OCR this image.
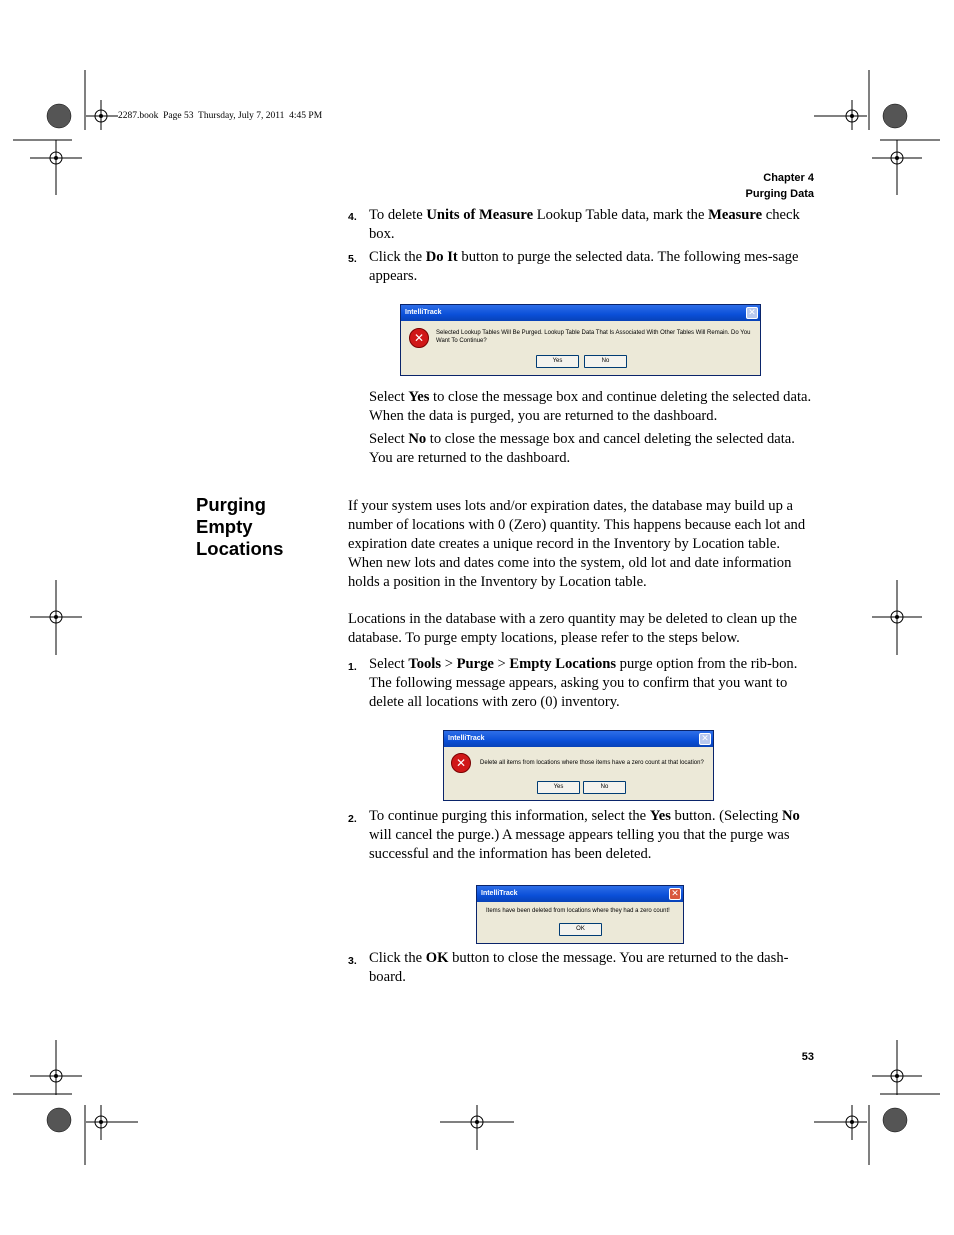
2287.book  Page 53  Thursday, July 7, 2011  4:45 PM
Chapter 4
Purging Data
4. To delete Units of Measure Lookup Table data, mark the Measure check box.
5. Click the Do It button to purge the selected data. The following mes-sage appears.
IntelliTrack	✕
✕	Selected Lookup Tables Will Be Purged. Lookup Table Data That Is Associated With Other Tables Will Remain. Do You Want To Continue?
Yes	No
Select Yes to close the message box and continue deleting the selected data. When the data is purged, you are returned to the dashboard.
Select No to close the message box and cancel deleting the selected data. You are returned to the dashboard.
Purging
Empty
Locations
If your system uses lots and/or expiration dates, the database may build up a number of locations with 0 (Zero) quantity. This happens because each lot and expiration date creates a unique record in the Inventory by Location table. When new lots and dates come into the system, old lot and date information holds a position in the Inventory by Location table.
Locations in the database with a zero quantity may be deleted to clean up the database. To purge empty locations, please refer to the steps below.
1. Select Tools > Purge > Empty Locations purge option from the rib-bon. The following message appears, asking you to confirm that you want to delete all locations with zero (0) inventory.
IntelliTrack	✕
✕	Delete all items from locations where those items have a zero count at that location?
Yes	No
2. To continue purging this information, select the Yes button. (Selecting No will cancel the purge.) A message appears telling you that the purge was successful and the information has been deleted.
IntelliTrack	✕
Items have been deleted from locations where they had a zero count!
OK
3. Click the OK button to close the message. You are returned to the dash-board.
53
